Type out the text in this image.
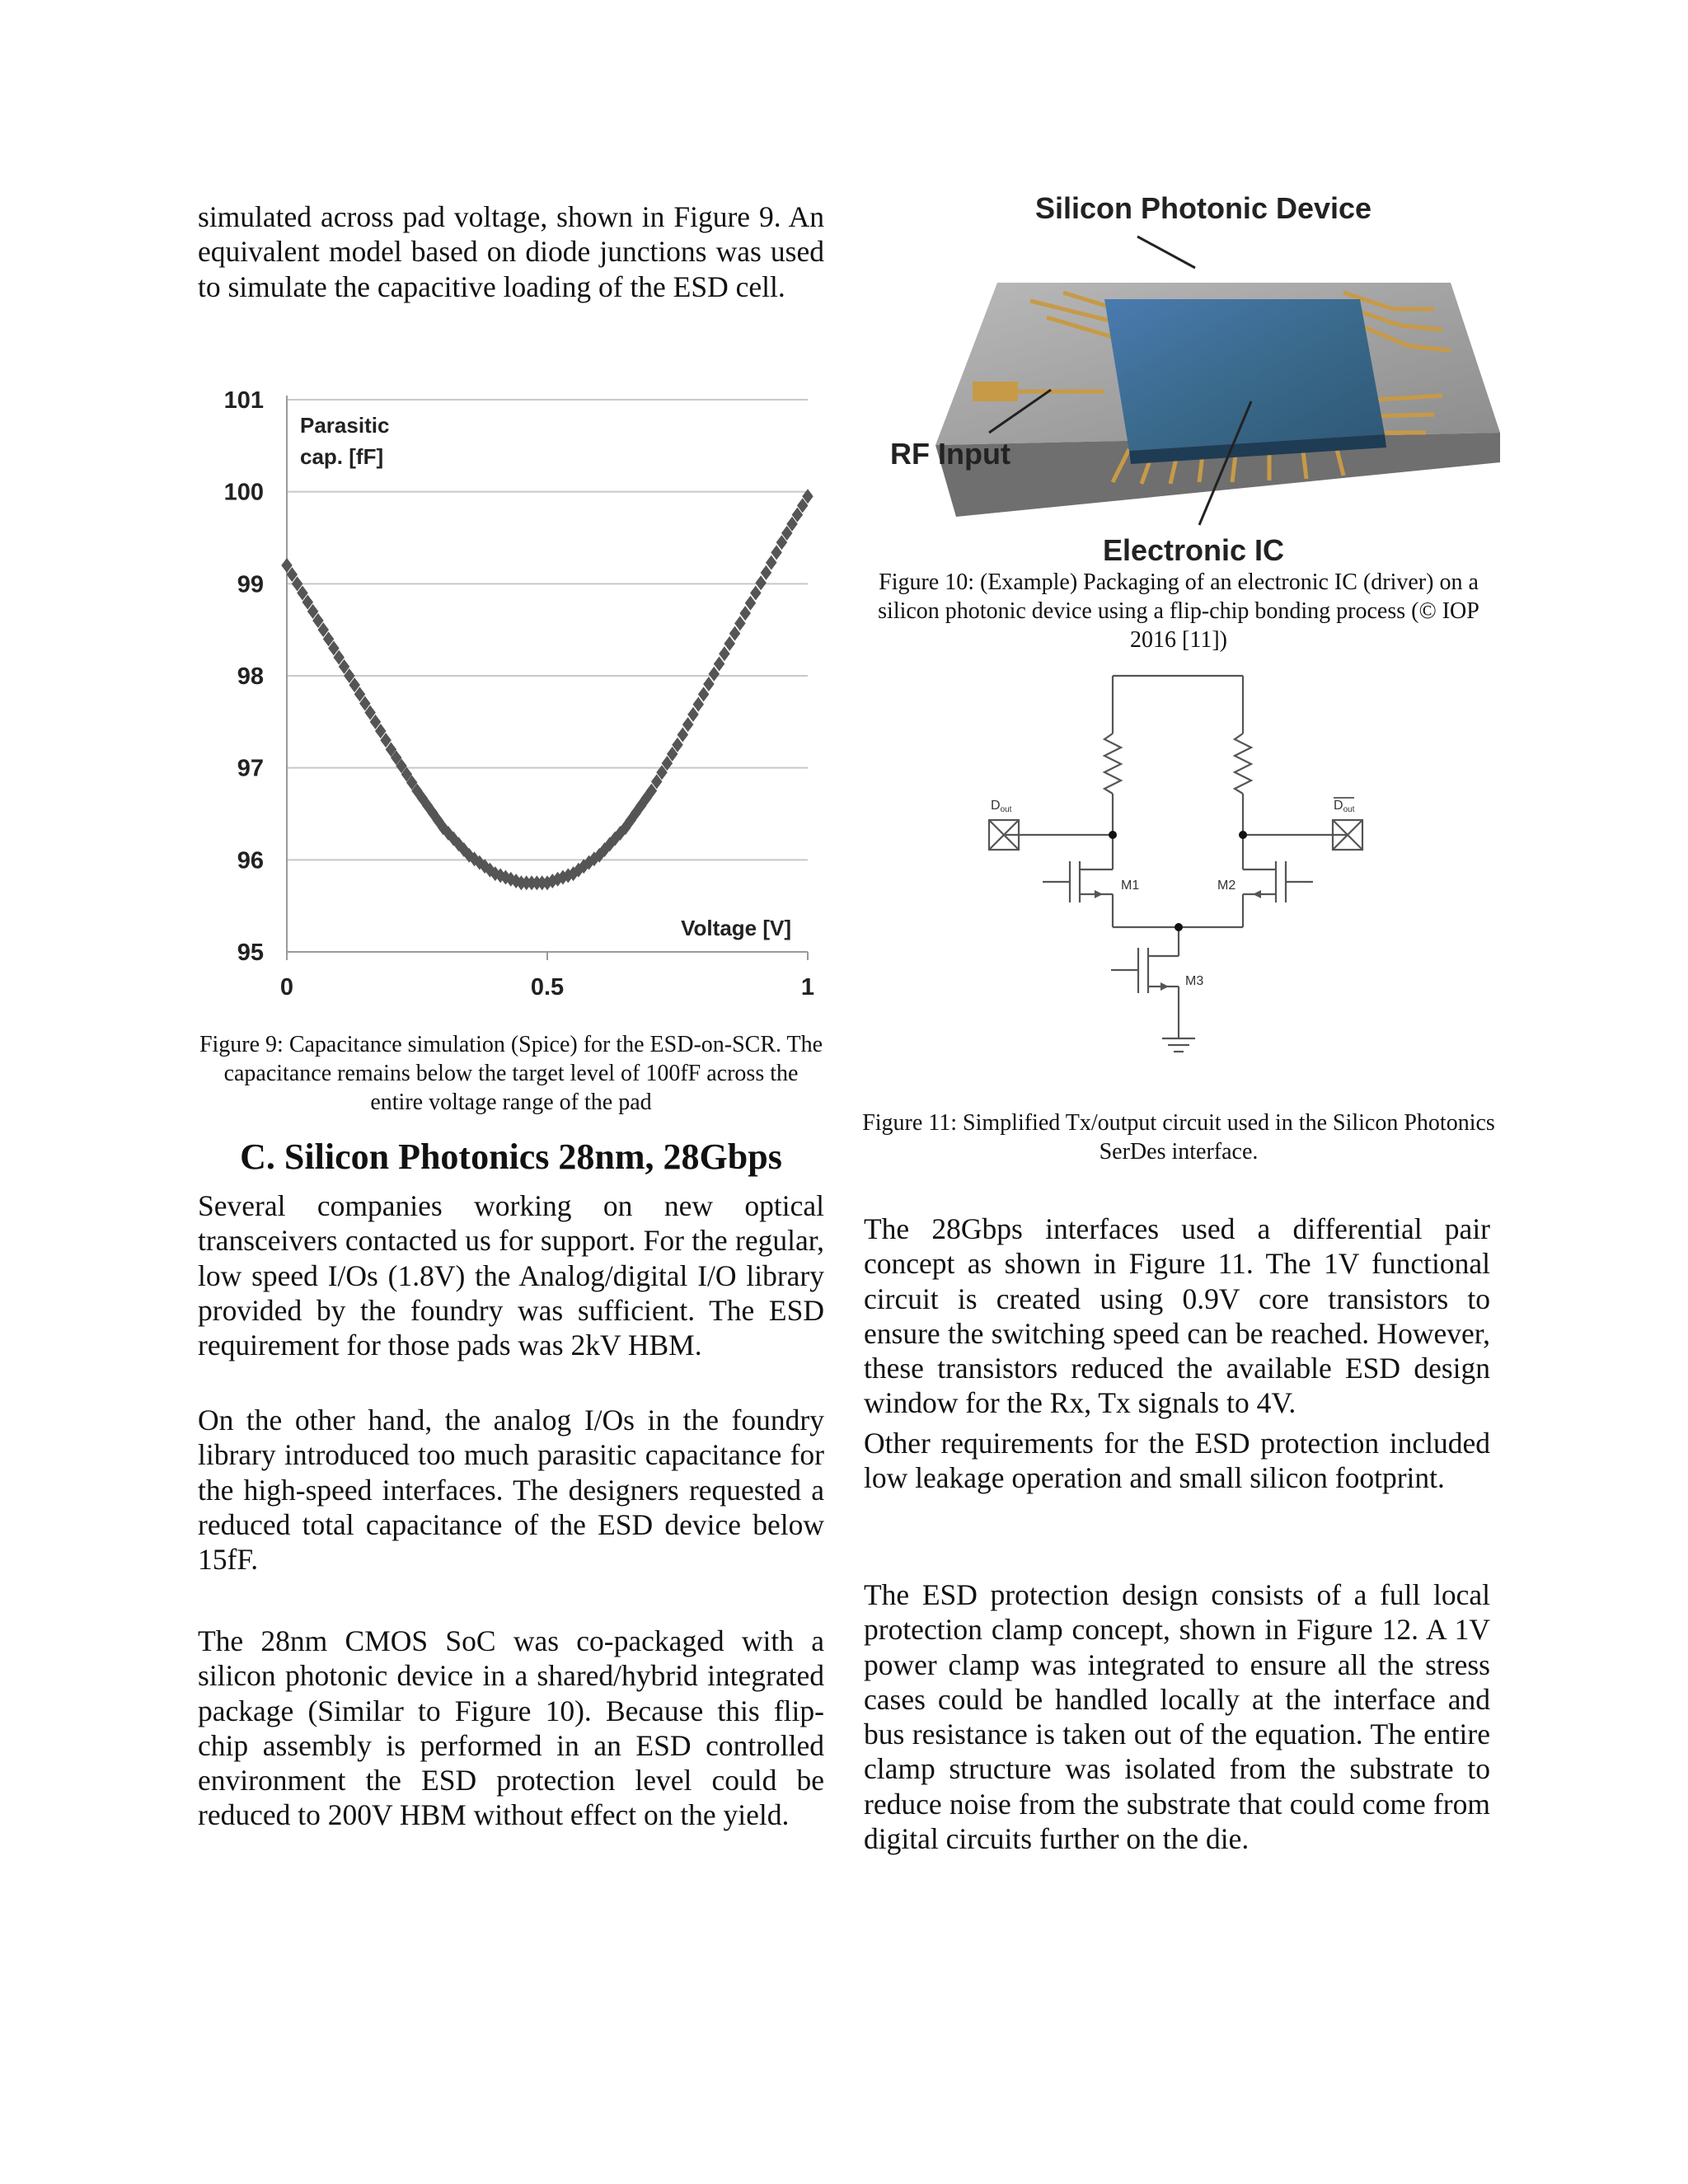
simulated across pad voltage, shown in Figure 9. An equivalent model based on diode junctions was used to simulate the capacitive loading of the ESD cell.

95
96
97
98
99
100
101
0	0.5	1
Parasitic
cap. [fF]
Voltage [V]

Figure 9: Capacitance simulation (Spice) for the ESD-on-SCR. The capacitance remains below the target level of 100fF across the entire voltage range of the pad

C. Silicon Photonics 28nm, 28Gbps

Several companies working on new optical transceivers contacted us for support. For the regular, low speed I/Os (1.8V) the Analog/digital I/O library provided by the foundry was sufficient. The ESD requirement for those pads was 2kV HBM.

On the other hand, the analog I/Os in the foundry library introduced too much parasitic capacitance for the high-speed interfaces. The designers requested a reduced total capacitance of the ESD device below 15fF.

The 28nm CMOS SoC was co-packaged with a silicon photonic device in a shared/hybrid integrated package (Similar to Figure 10). Because this flip-chip assembly is performed in an ESD controlled environment the ESD protection level could be reduced to 200V HBM without effect on the yield.

Silicon Photonic Device
RF Input
Electronic IC

Figure 10: (Example) Packaging of an electronic IC (driver) on a silicon photonic device using a flip-chip bonding process (© IOP 2016 [11])

Dout	Dout
M1	M2
M3

Figure 11: Simplified Tx/output circuit used in the Silicon Photonics SerDes interface.

The 28Gbps interfaces used a differential pair concept as shown in Figure 11. The 1V functional circuit is created using 0.9V core transistors to ensure the switching speed can be reached. However, these transistors reduced the available ESD design window for the Rx, Tx signals to 4V.

Other requirements for the ESD protection included low leakage operation and small silicon footprint.

The ESD protection design consists of a full local protection clamp concept, shown in Figure 12. A 1V power clamp was integrated to ensure all the stress cases could be handled locally at the interface and bus resistance is taken out of the equation. The entire clamp structure was isolated from the substrate to reduce noise from the substrate that could come from digital circuits further on the die.
